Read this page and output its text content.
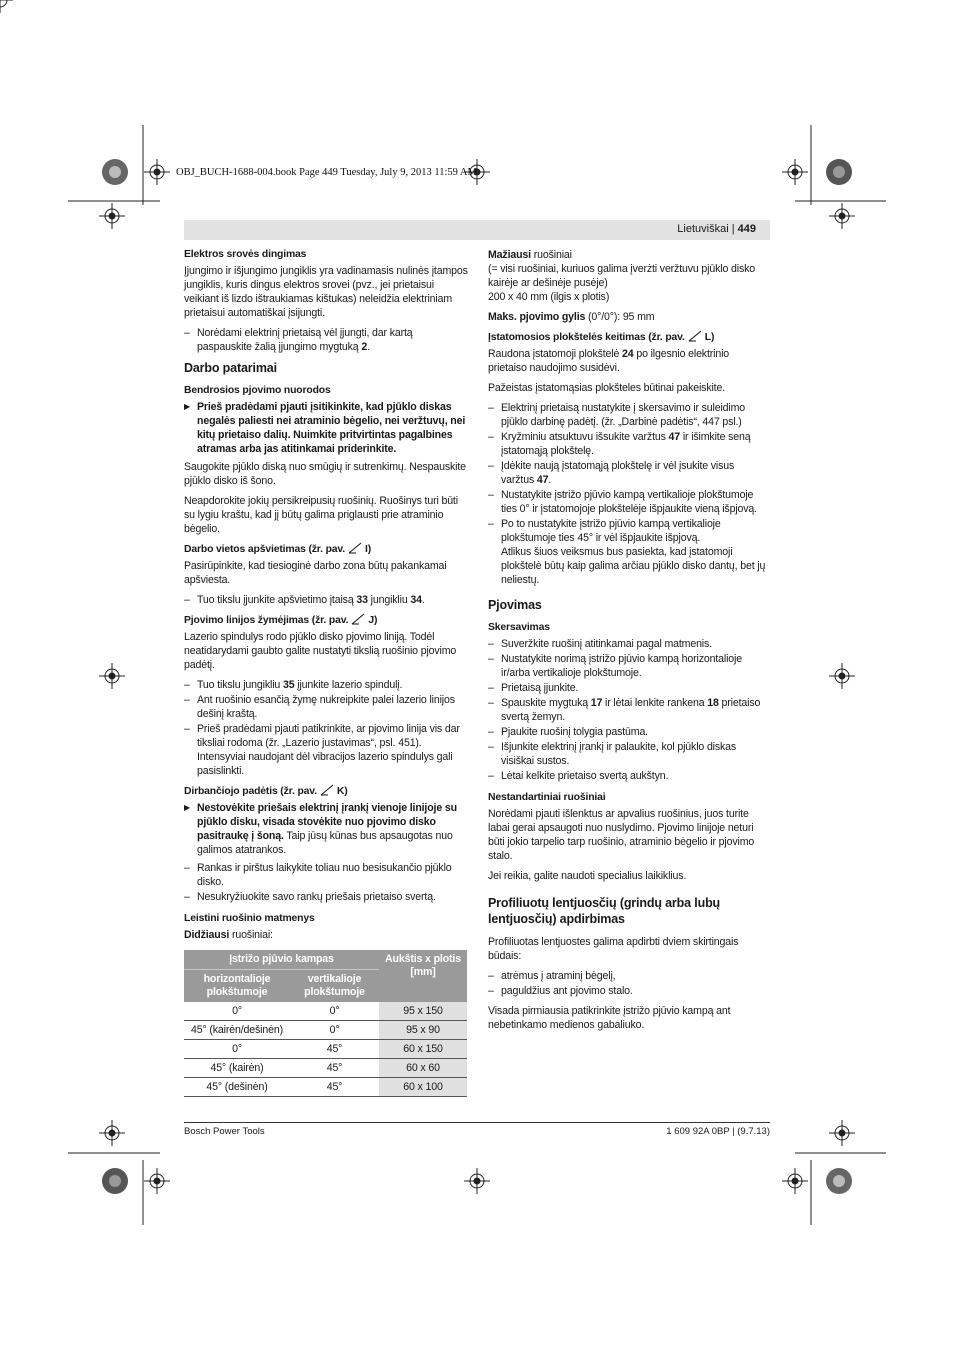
OBJ_BUCH-1688-004.book Page 449 Tuesday, July 9, 2013 11:59 AM
Lietuviškai | 449
Elektros srovės dingimas

Įjungimo ir išjungimo jungiklis yra vadinamasis nulinės įtampos jungiklis, kuris dingus elektros srovei (pvz., jei prietaisui veikiant iš lizdo ištraukiamas kištukas) neleidžia elektriniam prietaisui automatiškai įsijungti.

– Norėdami elektrinį prietaisą vėl įjungti, dar kartą paspauskite žalią įjungimo mygtuką 2.
Darbo patarimai
Bendrosios pjovimo nuorodos
▶ Prieš pradėdami pjauti įsitikinkite, kad pjūklo diskas negalės paliesti nei atraminio bėgelio, nei veržtuvų, nei kitų prietaiso dalių. Nuimkite pritvirtintas pagalbines atramas arba jas atitinkamai priderinkite.

Saugokite pjūklo diską nuo smūgių ir sutrenkimų. Nespauskite pjūklo disko iš šono.

Neapdorokite jokių persikreipusių ruošinių. Ruošinys turi būti su lygiu kraštu, kad jį būtų galima priglausti prie atraminio bėgelio.

Darbo vietos apšvietimas (žr. pav. I)

Pasirūpinkite, kad tiesioginė darbo zona būtų pakankamai apšviesta.

– Tuo tikslu įjunkite apšvietimo įtaisą 33 jungikliu 34.
Pjovimo linijos žymėjimas (žr. pav. J)

Lazerio spindulys rodo pjūklo disko pjovimo liniją. Todėl neatidarydami gaubto galite nustatyti tikslią ruošinio pjovimo padėtį.

– Tuo tikslu jungikliu 35 įjunkite lazerio spindulį.
– Ant ruošinio esančią žymę nukreipkite palei lazerio linijos dešinį kraštą.
– Prieš pradėdami pjauti patikrinkite, ar pjovimo linija vis dar tiksliai rodoma (žr. „Lazerio justavimas“, psl. 451). Intensyviai naudojant dėl vibracijos lazerio spindulys gali pasislinkti.
Dirbančiojo padėtis (žr. pav. K)
▶ Nestovėkite priešais elektrinį įrankį vienoje linijoje su pjūklo disku, visada stovėkite nuo pjovimo disko pasitraukę į šoną. Taip jūsų kūnas bus apsaugotas nuo galimos atatrankos.
– Rankas ir pirštus laikykite toliau nuo besisukančio pjūklo disko.
– Nesukryžiuokite savo rankų priešais prietaiso svertą.
Leistini ruošinio matmenys
Didžiausi ruošiniai:
Įstrižo pjūvio kampas		Aukštis x plotis [mm]
horizontalioje plokštumoje	vertikalioje plokštumoje	
0°	0°	95 x 150
45° (kairėn/dešinėn)	0°	95 x 90
0°	45°	60 x 150
45° (kairėn)	45°	60 x 60
45° (dešinėn)	45°	60 x 100
Mažiausi ruošiniai
(= visi ruošiniai, kuriuos galima įverżti veržtuvu pjūklo disko kairėje ar dešinėje pusėje)

200 x 40 mm (ilgis x plotis)

Maks. pjovimo gylis (0°/0°): 95 mm

Įstatomosios plokštelės keitimas (žr. pav. L)

Raudona įstatomoji plokštelė 24 po ilgesnio elektrinio prietaiso naudojimo susidėvi.

Pažeistas įstatomąsias plokšteles būtinai pakeiskite.

– Elektrinį prietaisą nustatykite į skersavimo ir suleidimo pjūklo darbinę padėtį. (žr. „Darbinė padėtis“, 447 psl.)
– Kryžminiu atsuktuvu išsukite varžtus 47 ir išimkite seną įstatomąją plokštelę.
– Įdėkite naują įstatomąją plokštelę ir vėl įsukite visus varžtus 47.
– Nustatykite įstrižo pjūvio kampą vertikalioje plokštumoje ties 0° ir įstatomojoje plokštelėje išpjaukite vieną išpjovą.
– Po to nustatykite įstrižo pjūvio kampą vertikalioje plokštumoje ties 45° ir vėl išpjaukite išpjovą.
Atlikus šiuos veiksmus bus pasiekta, kad įstatomoji plokštelė būtų kaip galima arčiau pjūklo disko dantų, bet jų neliestų.
Pjovimas
Skersavimas
– Suveržkite ruošinį atitinkamai pagal matmenis.
– Nustatykite norimą įstrižo pjūvio kampą horizontalioje ir/arba vertikalioje plokštumoje.
– Prietaisą įjunkite.
– Spauskite mygtuką 17 ir lėtai lenkite rankena 18 prietaiso svertą žemyn.
– Pjaukite ruošinį tolygia pastūma.
– Išjunkite elektrinį įrankį ir palaukite, kol pjūklo diskas visiškai sustos.
– Lėtai kelkite prietaiso svertą aukštyn.
Nestandartiniai ruošiniai

Norėdami pjauti išlenktus ar apvalius ruošinius, juos turite labai gerai apsaugoti nuo nuslydimo. Pjovimo linijoje neturi būti jokio tarpelio tarp ruošinio, atraminio bėgelio ir pjovimo stalo.

Jei reikia, galite naudoti specialius laikiklius.

Profiliuotų lentjuosčių (grindų arba lubų lentjuosčių) apdirbimas

Profiliuotas lentjuostes galima apdirbti dviem skirtingais būdais:

– atrėmus į atraminį bėgelį,
– paguldžius ant pjovimo stalo.

Visada pirmiausia patikrinkite įstrižo pjūvio kampą ant nebetinkamo medienos gabaliuko.

Bosch Power Tools	1 609 92A 0BP | (9.7.13)
